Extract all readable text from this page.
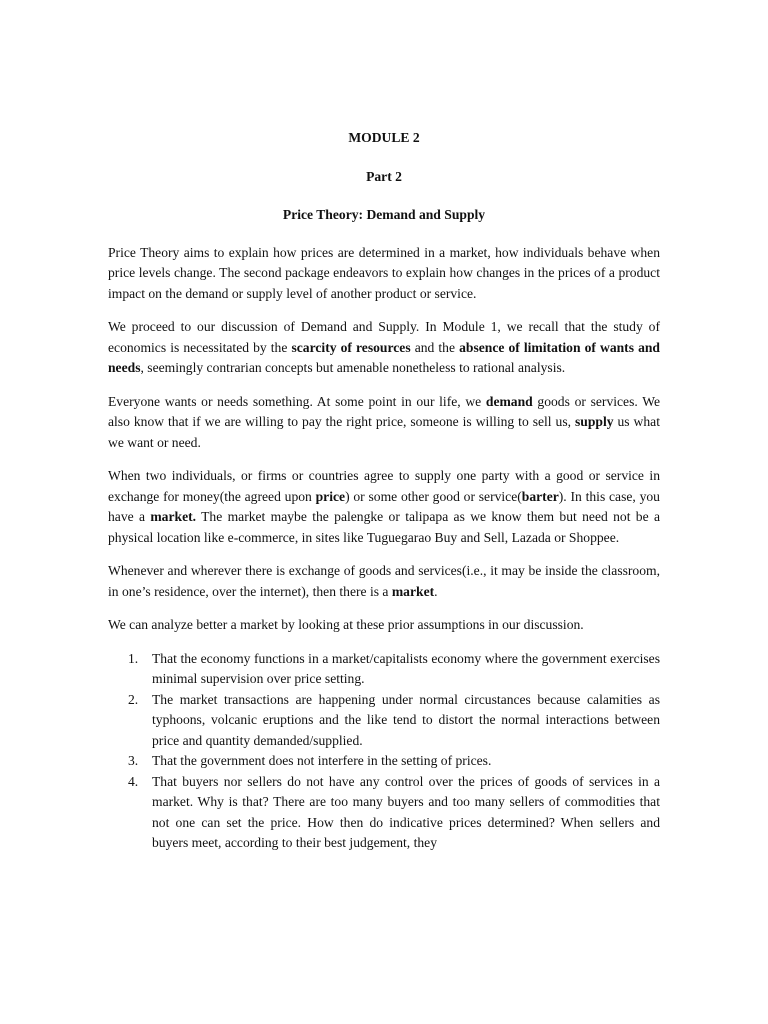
MODULE 2

Part 2

Price Theory: Demand and Supply

Price Theory aims to explain how prices are determined in a market, how individuals behave when price levels change. The second package endeavors to explain how changes in the prices of a product impact on the demand or supply level of another product or service.

We proceed to our discussion of Demand and Supply. In Module 1, we recall that the study of economics is necessitated by the scarcity of resources and the absence of limitation of wants and needs, seemingly contrarian concepts but amenable nonetheless to rational analysis.

Everyone wants or needs something. At some point in our life, we demand goods or services. We also know that if we are willing to pay the right price, someone is willing to sell us, supply us what we want or need.

When two individuals, or firms or countries agree to supply one party with a good or service in exchange for money(the agreed upon price) or some other good or service(barter). In this case, you have a market. The market maybe the palengke or talipapa as we know them but need not be a physical location like e-commerce, in sites like Tuguegarao Buy and Sell, Lazada or Shoppee.

Whenever and wherever there is exchange of goods and services(i.e., it may be inside the classroom, in one’s residence, over the internet), then there is a market.

We can analyze better a market by looking at these prior assumptions in our discussion.

1. That the economy functions in a market/capitalists economy where the government exercises minimal supervision over price setting.
2. The market transactions are happening under normal circustances because calamities as typhoons, volcanic eruptions and the like tend to distort the normal interactions between price and quantity demanded/supplied.
3. That the government does not interfere in the setting of prices.
4. That buyers nor sellers do not have any control over the prices of goods of services in a market. Why is that? There are too many buyers and too many sellers of commodities that not one can set the price. How then do indicative prices determined? When sellers and buyers meet, according to their best judgement, they
